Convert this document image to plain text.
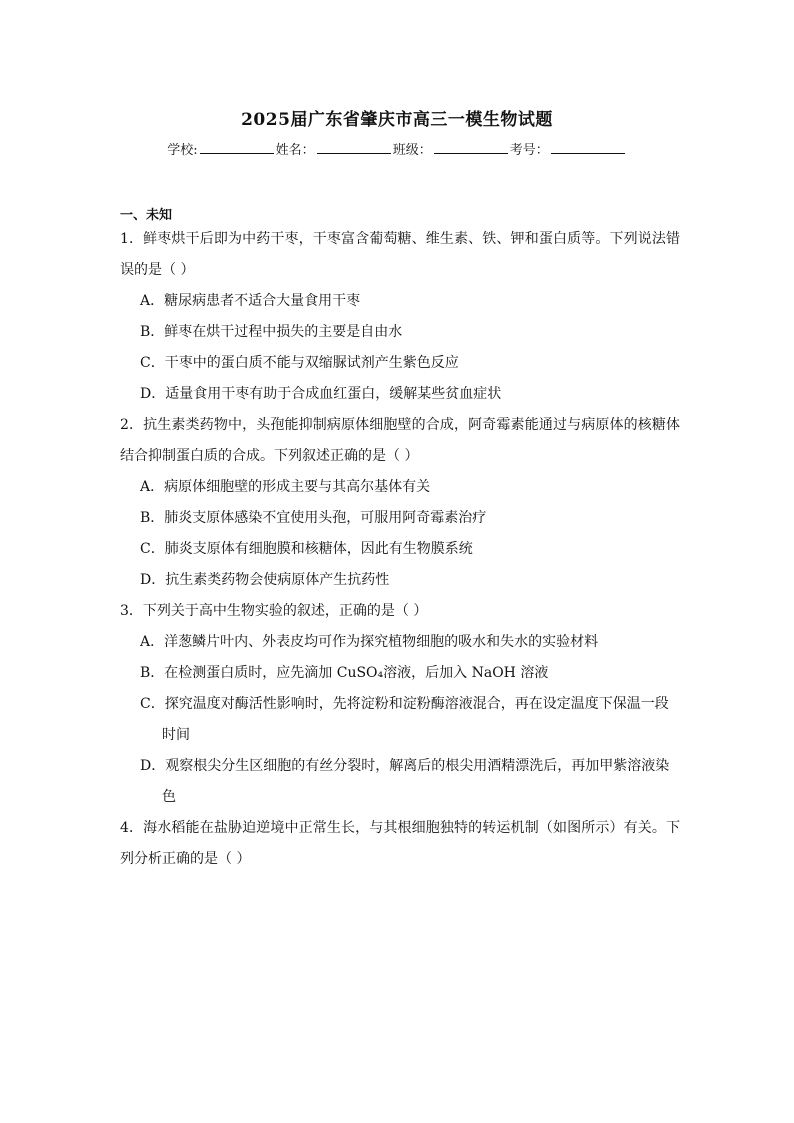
2025届广东省肇庆市高三一模生物试题
学校:	姓名：	班级：	考号：
一、未知

1．鲜枣烘干后即为中药干枣，干枣富含葡萄糖、维生素、铁、钾和蛋白质等。下列说法错误的是（ ）

A．糖尿病患者不适合大量食用干枣

B．鲜枣在烘干过程中损失的主要是自由水

C．干枣中的蛋白质不能与双缩脲试剂产生紫色反应

D．适量食用干枣有助于合成血红蛋白，缓解某些贫血症状

2．抗生素类药物中，头孢能抑制病原体细胞壁的合成，阿奇霉素能通过与病原体的核糖体结合抑制蛋白质的合成。下列叙述正确的是（ ）

A．病原体细胞壁的形成主要与其高尔基体有关

B．肺炎支原体感染不宜使用头孢，可服用阿奇霉素治疗

C．肺炎支原体有细胞膜和核糖体，因此有生物膜系统

D．抗生素类药物会使病原体产生抗药性

3．下列关于高中生物实验的叙述，正确的是（ ）

A．洋葱鳞片叶内、外表皮均可作为探究植物细胞的吸水和失水的实验材料

B．在检测蛋白质时，应先滴加 CuSO₄溶液，后加入 NaOH 溶液

C．探究温度对酶活性影响时，先将淀粉和淀粉酶溶液混合，再在设定温度下保温一段时间

D．观察根尖分生区细胞的有丝分裂时，解离后的根尖用酒精漂洗后，再加甲紫溶液染色

4．海水稻能在盐胁迫逆境中正常生长，与其根细胞独特的转运机制（如图所示）有关。下列分析正确的是（ ）
